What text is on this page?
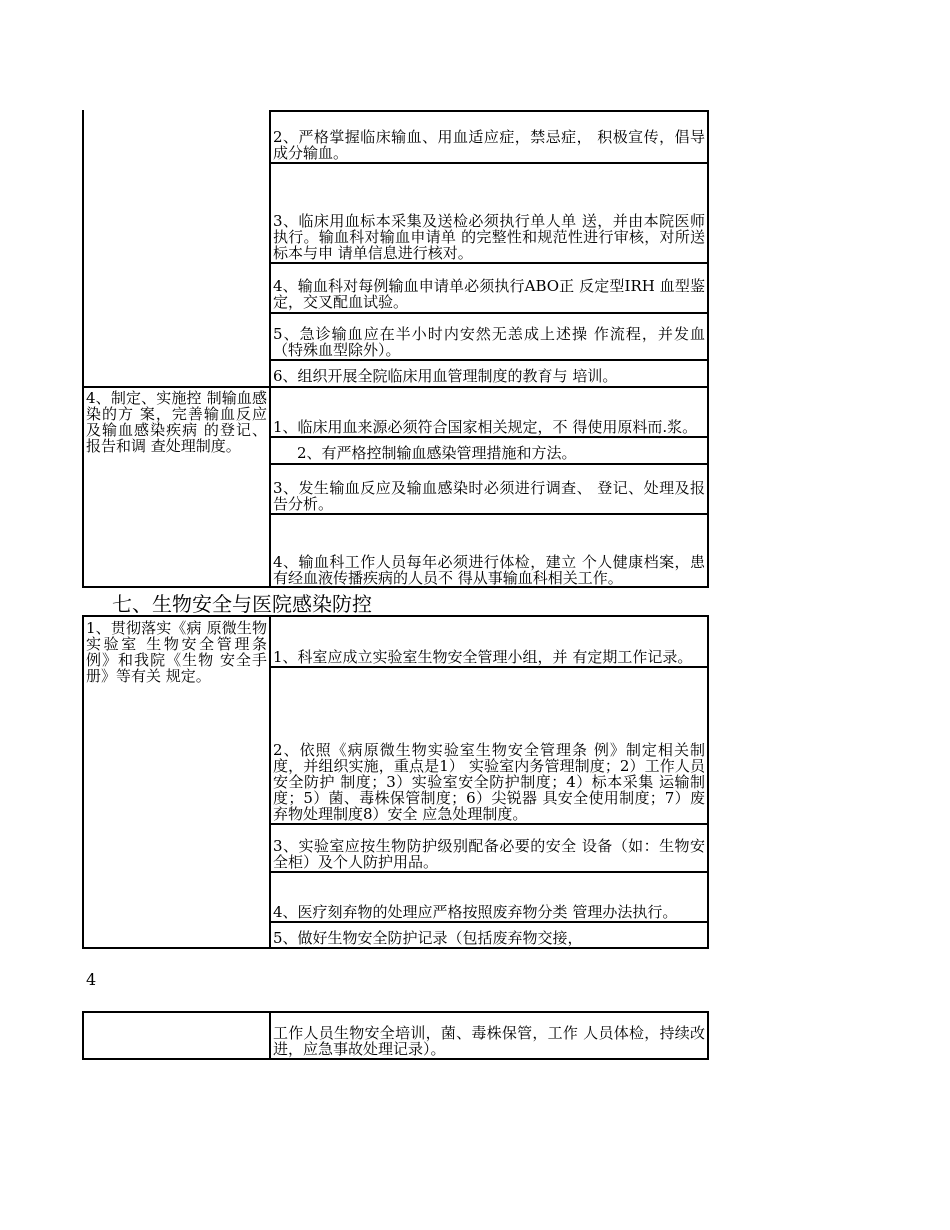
2、严格掌握临床输血、用血适应症，禁忌症， 积极宣传，倡导成分输血。
3、临床用血标本采集及送检必须执行单人单 送，并由本院医师执行。输血科对输血申请单 的完整性和规范性进行审核，对所送标本与申 请单信息进行核对。
4、输血科对每例输血申请单必须执行ABO正 反定型IRH 血型鉴定，交叉配血试验。
5、急诊输血应在半小时内安然无恙成上述操 作流程，并发血（特殊血型除外）。
6、组织开展全院临床用血管理制度的教育与 培训。
1、临床用血来源必须符合国家相关规定，不 得使用原料而.浆。
2、有严格控制输血感染管理措施和方法。
3、发生输血反应及输血感染时必须进行调查、 登记、处理及报告分析。
4、输血科工作人员每年必须进行体检，建立 个人健康档案，患有经血液传播疾病的人员不 得从事输血科相关工作。
4、制定、实施控 制输血感染的方 案，完善输血反应 及输血感染疾病 的登记、报告和调 查处理制度。
七、生物安全与医院感染防控
1、科室应成立实验室生物安全管理小组，并 有定期工作记录。
2、依照《病原微生物实验室生物安全管理条 例》制定相关制度，并组织实施，重点是1） 实验室内务管理制度；2）工作人员安全防护 制度；3）实验室安全防护制度；4）标本采集 运输制度；5）菌、毒株保管制度；6）尖锐器 具安全使用制度；7）废弃物处理制度8）安全 应急处理制度。
3、实验室应按生物防护级别配备必要的安全 设备（如：生物安全柜）及个人防护用品。
4、医疗刻弃物的处理应严格按照废弃物分类 管理办法执行。
5、做好生物安全防护记录（包括废弃物交接，
1、贯彻落实《病 原微生物实验室 生物安全管理条 例》和我院《生物 安全手册》等有关 规定。
4
工作人员生物安全培训，菌、毒株保管，工作 人员体检，持续改进，应急事故处理记录）。
